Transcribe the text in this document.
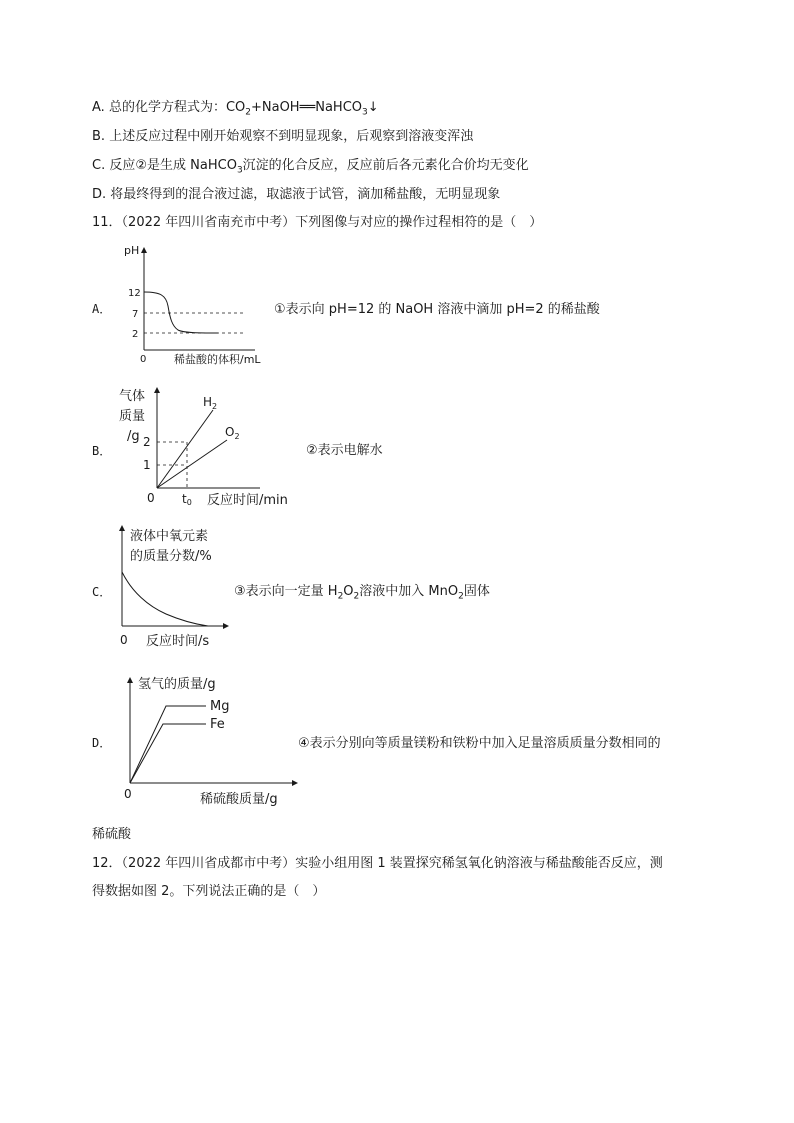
A. 总的化学方程式为：$CO_2+NaOH══NaHCO_3↓$
B. 上述反应过程中刚开始观察不到明显现象，后观察到溶液变浑浊
C. 反应②是生成 NaHCO$_3$沉淀的化合反应，反应前后各元素化合价均无变化
D. 将最终得到的混合液过滤，取滤液于试管，滴加稀盐酸，无明显现象
11．（2022 年四川省南充市中考）下列图像与对应的操作过程相符的是（　）
A．
pH
12
7
2
0	稀盐酸的体积/mL
①表示向 pH=12 的 NaOH 溶液中滴加 pH=2 的稀盐酸
B．
气体
质量
/g 2
1
$H_2$
$O_2$
0 t0 反应时间/min
②表示电解水
C．
液体中氧元素
的质量分数/%
0 反应时间/s
③表示向一定量 $H_2O_2$溶液中加入 MnO$_2$固体
D．
氢气的质量/g
Mg
Fe
0	稀硫酸质量/g
④表示分别向等质量镁粉和铁粉中加入足量溶质质量分数相同的
稀硫酸
12．（2022 年四川省成都市中考）实验小组用图 1 装置探究稀氢氧化钠溶液与稀盐酸能否反应，测
得数据如图 2。下列说法正确的是（　）
